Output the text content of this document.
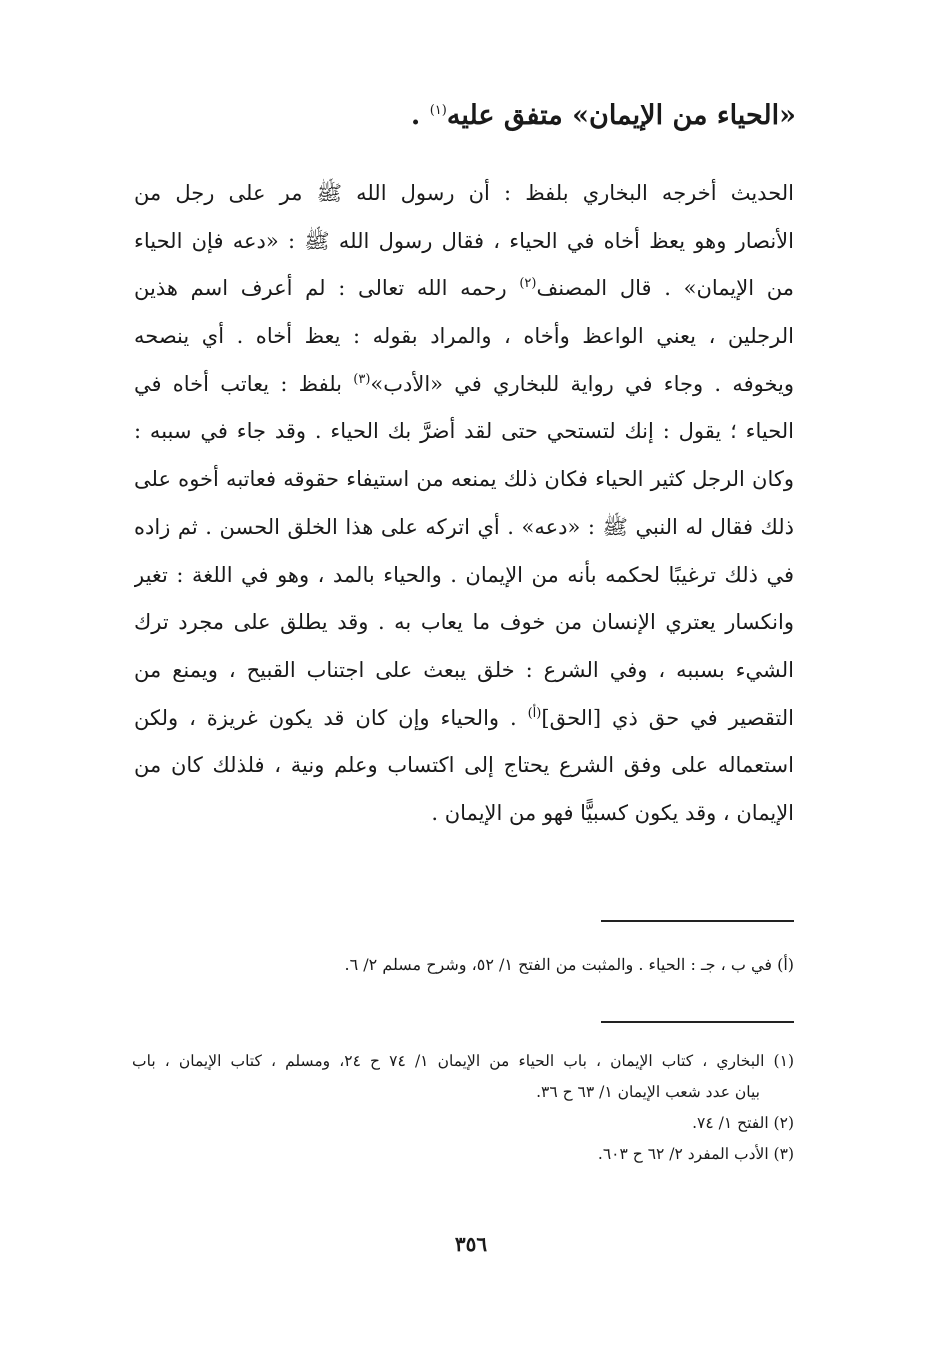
«الحياء من الإيمان» متفق عليه$^{(١)}$ .
الحديث أخرجه البخاري بلفظ : أن رسول الله ﷺ مر على رجل من
الأنصار وهو يعظ أخاه في الحياء ، فقال رسول الله ﷺ : «دعه فإن الحياء
من الإيمان» . قال المصنف$^{(٢)}$ رحمه الله تعالى : لم أعرف اسم هذين
الرجلين ، يعني الواعظ وأخاه ، والمراد بقوله : يعظ أخاه . أي ينصحه
ويخوفه . وجاء في رواية للبخاري في «الأدب»$^{(٣)}$ بلفظ : يعاتب أخاه في
الحياء ؛ يقول : إنك لتستحي حتى لقد أضرَّ بك الحياء . وقد جاء في سببه :
وكان الرجل كثير الحياء فكان ذلك يمنعه من استيفاء حقوقه فعاتبه أخوه على
ذلك فقال له النبي ﷺ : «دعه» . أي اتركه على هذا الخلق الحسن . ثم زاده
في ذلك ترغيبًا لحكمه بأنه من الإيمان . والحياء بالمد ، وهو في اللغة : تغير
وانكسار يعتري الإنسان من خوف ما يعاب به . وقد يطلق على مجرد ترك
الشيء بسببه ، وفي الشرع : خلق يبعث على اجتناب القبيح ، ويمنع من
التقصير في حق ذي [الحق]$^{(أ)}$ . والحياء وإن كان قد يكون غريزة ، ولكن
استعماله على وفق الشرع يحتاج إلى اكتساب وعلم ونية ، فلذلك كان من
الإيمان ، وقد يكون كسبيًّا فهو من الإيمان .
(أ) في ب ، جـ : الحياء . والمثبت من الفتح ١/ ٥٢، وشرح مسلم ٢/ ٦.
(١) البخاري ، كتاب الإيمان ، باب الحياء من الإيمان ١/ ٧٤ ح ٢٤، ومسلم ، كتاب الإيمان ، باب
بيان عدد شعب الإيمان ١/ ٦٣ ح ٣٦.
(٢) الفتح ١/ ٧٤.
(٣) الأدب المفرد ٢/ ٦٢ ح ٦٠٣.
٣٥٦
